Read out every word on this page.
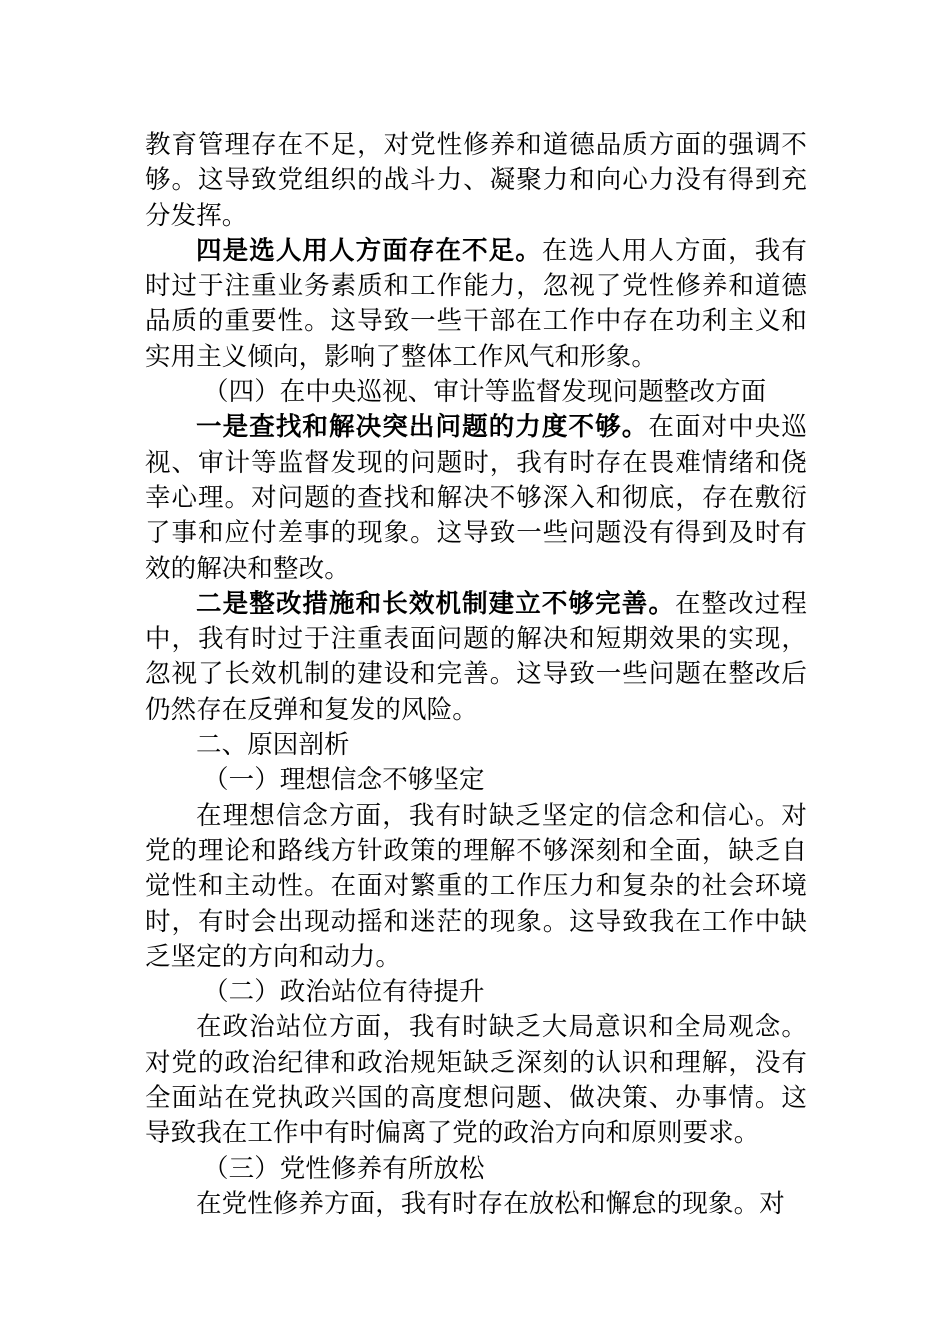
教育管理存在不足，对党性修养和道德品质方面的强调不够。这导致党组织的战斗力、凝聚力和向心力没有得到充分发挥。

四是选人用人方面存在不足。在选人用人方面，我有时过于注重业务素质和工作能力，忽视了党性修养和道德品质的重要性。这导致一些干部在工作中存在功利主义和实用主义倾向，影响了整体工作风气和形象。

（四）在中央巡视、审计等监督发现问题整改方面

一是查找和解决突出问题的力度不够。在面对中央巡视、审计等监督发现的问题时，我有时存在畏难情绪和侥幸心理。对问题的查找和解决不够深入和彻底，存在敷衍了事和应付差事的现象。这导致一些问题没有得到及时有效的解决和整改。

二是整改措施和长效机制建立不够完善。在整改过程中，我有时过于注重表面问题的解决和短期效果的实现，忽视了长效机制的建设和完善。这导致一些问题在整改后仍然存在反弹和复发的风险。

二、原因剖析

（一）理想信念不够坚定

在理想信念方面，我有时缺乏坚定的信念和信心。对党的理论和路线方针政策的理解不够深刻和全面，缺乏自觉性和主动性。在面对繁重的工作压力和复杂的社会环境时，有时会出现动摇和迷茫的现象。这导致我在工作中缺乏坚定的方向和动力。

（二）政治站位有待提升

在政治站位方面，我有时缺乏大局意识和全局观念。对党的政治纪律和政治规矩缺乏深刻的认识和理解，没有全面站在党执政兴国的高度想问题、做决策、办事情。这导致我在工作中有时偏离了党的政治方向和原则要求。

（三）党性修养有所放松

在党性修养方面，我有时存在放松和懈怠的现象。对
